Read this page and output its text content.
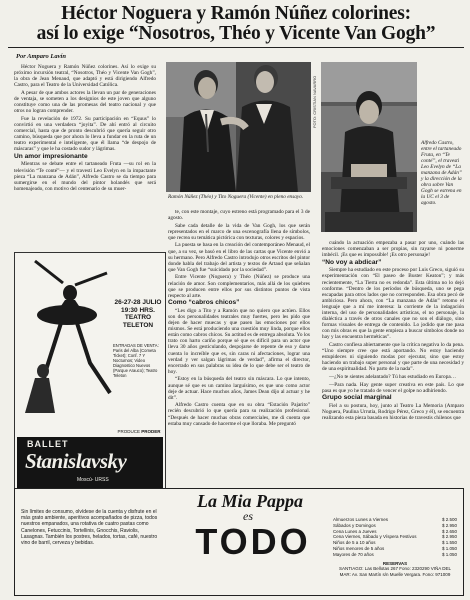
Héctor Noguera y Ramón Núñez colorines:
así lo exige “Nosotros, Théo y Vicente Van Gogh”
Por Amparo Lavín

Héctor Noguera y Ramón Núñez colorines. Así lo exige su próximo incursión teatral, “Nosotros, Théo y Vicente Van Gogh”, la obra de Jean Menaud, que adaptó y está dirigiendo Alfredo Castro, para el Teatro de la Universidad Católica.

A pesar de que ambos actores la llevan un par de generaciones de ventaja, se someten a los designios de este joven que alguno constituye como una de las promesas del teatro nacional y que otros no logran comprender.

Fue la revelación de 1972. Su participación en “Equus” lo convirtió en una verdadera “joyita”. De ahí entró al circuito comercial, hasta que de pronto descubrió que quería seguir otro camino, búsqueda que por ahora lo lleva a fundar en la ruta de un teatro experimental e inteligente, que él llama “de despojo de máscaras” y que le ha costado sudor y lágrimas.

Un amor impresionante

Mientras se debate entre el tartaneado Fruta —su rol en la televisión “Te conté”— y el travesti Leo Evelyn en la impactante pieza “La manzana de Adán”, Alfredo Castro se da tiempo para sumergirse en el mundo del pintor holandés que será homenajeado, con motivo del centenario de su muer-

FOTO: CRISTIAN NAVARRO
Ramón Núñez (Théo) y Tito Noguera (Vicente) en pleno ensayo.
Alfredo Castro, entre el tartaneado Fruta, en “Te conté”, el travesti Leo Evelyn de “La manzana de Adán” y la dirección de la obra sobre Van Gogh se estrena en la UC el 3 de agosto.

te, con este montaje, cuyo estreno está programado para el 3 de agosto.

Sabe cada detalle de la vida de Van Gogh, los que serán representados en el marco de una escenografía llena de símbolos, que recrea su temática pictórica con texturas, colores y espacios.

La puesta se basa en la creación del contemporáneo Menaud, el que, a su vez, se basó en el libro de las cartas que Vicente envió a su hermano. Pero Alfredo Castro introdujo otros escritos del pintor donde habla del trabajo del artista y textos de Artaud que señalan que Van Gogh fue “suicidado por la sociedad”.

Entre Vicente (Noguera) y Théo (Núñez) se produce una relación de amor. Son complementarios, más allá de los quiebres que se producen entre ellos por sus distintos puntos de vista respecto al arte.

Como “cabros chicos”

“Les digo a Tito y a Ramón que no quiero que actúen. Ellos son dos personalidades teatrales muy fuertes, pero les pido que dejen de hacer muecas y que pasen las emociones por ellos mismos. Se está produciendo una cuestión muy linda, porque ellos están como cabros chicos. Su actitud es de entrega absoluta. Yo los trato con harto cariño porque sé que es difícil para un actor que lleva 30 años gesticulando, despojarse de repente de eso y darse cuenta lo increíble que es, sin caras ni afectaciones, lograr una verdad y ver salgan lágrimas de verdad”, afirma el director, encerrado en sus palabras su idea de lo que debe ser el teatro de hoy.

“Estoy en la búsqueda del teatro sin máscara. Lo que intento, aunque sé que es un camino larguísimo, es que uno como actor deje de actuar. Hace muchos años, James Dean dijo al actuar y he dit”.

Alfredo Castro cuenta que en su obra “Estación Pajarito” recién descubrió lo que quería para su realización profesional. “Después de hacer muchas obras comerciales, me di cuenta que estaba muy cansado de hacerme el que lloraba. Me preguntó

cuándo la actuación empezaba a pasar por uno, cuándo las emociones comenzaban a ser propias, sin rayarse ni ponerme imbécil. ¡Es que es impossible! ¡Es otro personaje!

“No voy a abdicar”

Siempre ha estudiado en este proceso por Luis Greco, siguió su experimentación con “El paseo de Buster Keaton”; y más recientemente, “La Tierra no es redonda”. Esta última no lo dejó conforme. “Dentro de los períodos de búsqueda, uno se pega escapadas para otros lados que no corresponden. Esa obra pecó de ambiciosa. Pero ahora, con “La manzana de Adán” retomo el lenguaje que a mí me interesa: la corriente de la indagación interna, del uso de personalidades artísticas, el no personaje, la dialéctica a través de otros canales que no son el diálogo, sino formas visuales de entrega de contenido. Lo jodido que me pasa con mis obras es que la gente empieza a buscar símbolos donde no hay y las encuentra herméticas”.

Castro confiesa abiertamente que la crítica negativa lo da pena. “Uno siempre cree que está aportando. No estoy haciendo estupideces ni siguiendo modas por ejecutar, sino que estoy haciendo un trabajo super personal y que parte de una necesidad y de una espiritualidad. No parto de la nada”.

—¿No te sientes adelantado? Tú has estudiado en Europa…

—Para nada. Hay gente super creativa en este país. Lo que pasa es que yo he tratado de vencer el golpe no adhiriendo.

Grupo social marginal

Fiel a su postura, hoy, junto al Teatro La Memoria (Amparo Noguera, Paulina Urrutia, Rodrigo Pérez, Greco y él), se encuentra realizando esta pieza basada en historias de travestis chilenos que

26-27-28 JULIO
19:30 HRS.
TEATRO
TELETON
ENTRADAS DE VENTA: Paris del Alba (Cometa Ticket); Conf. 7 Y Nocturnos; Video Diagnostico Nuevos (Parque Arauco); Teatro Teleton
PRODUCE PRODER
BALLET
Stanislavsky
Moscú- URSS
La Mia Pappa
es
TODO
Sin límites de consumo, olvídese de la cuenta y disfrute en el más grato ambiente, aperitivos acompañados de pizza, todos nuestros empanados, una rotativa de cuatro pastas como Canelones, Fetuccinis, Tortellinis, Gnocchis, Raviolis, Lasagnas. También los postres, helados, tortas, café, nuestro vino de barril, cerveza y bebidas.
Almuerzos Lunes a Viernes	$ 2.500
Sábados y Domingos	$ 2.950
Cena Lunes a Jueves	$ 2.650
Cena Viernes, Sábado y Víspera Festivos	$ 2.950
Niños de 5 a 10 años	$ 1.550
Niños menores de 5 años	$ 1.050
Mayores de 70 años	$ 1.050
RESERVAS
SANTIAGO: Las Bellotas 267 Fono: 2320290 VIÑA DEL MAR: Av. San Martín s/n Muelle Vergara. Fono: 971009
